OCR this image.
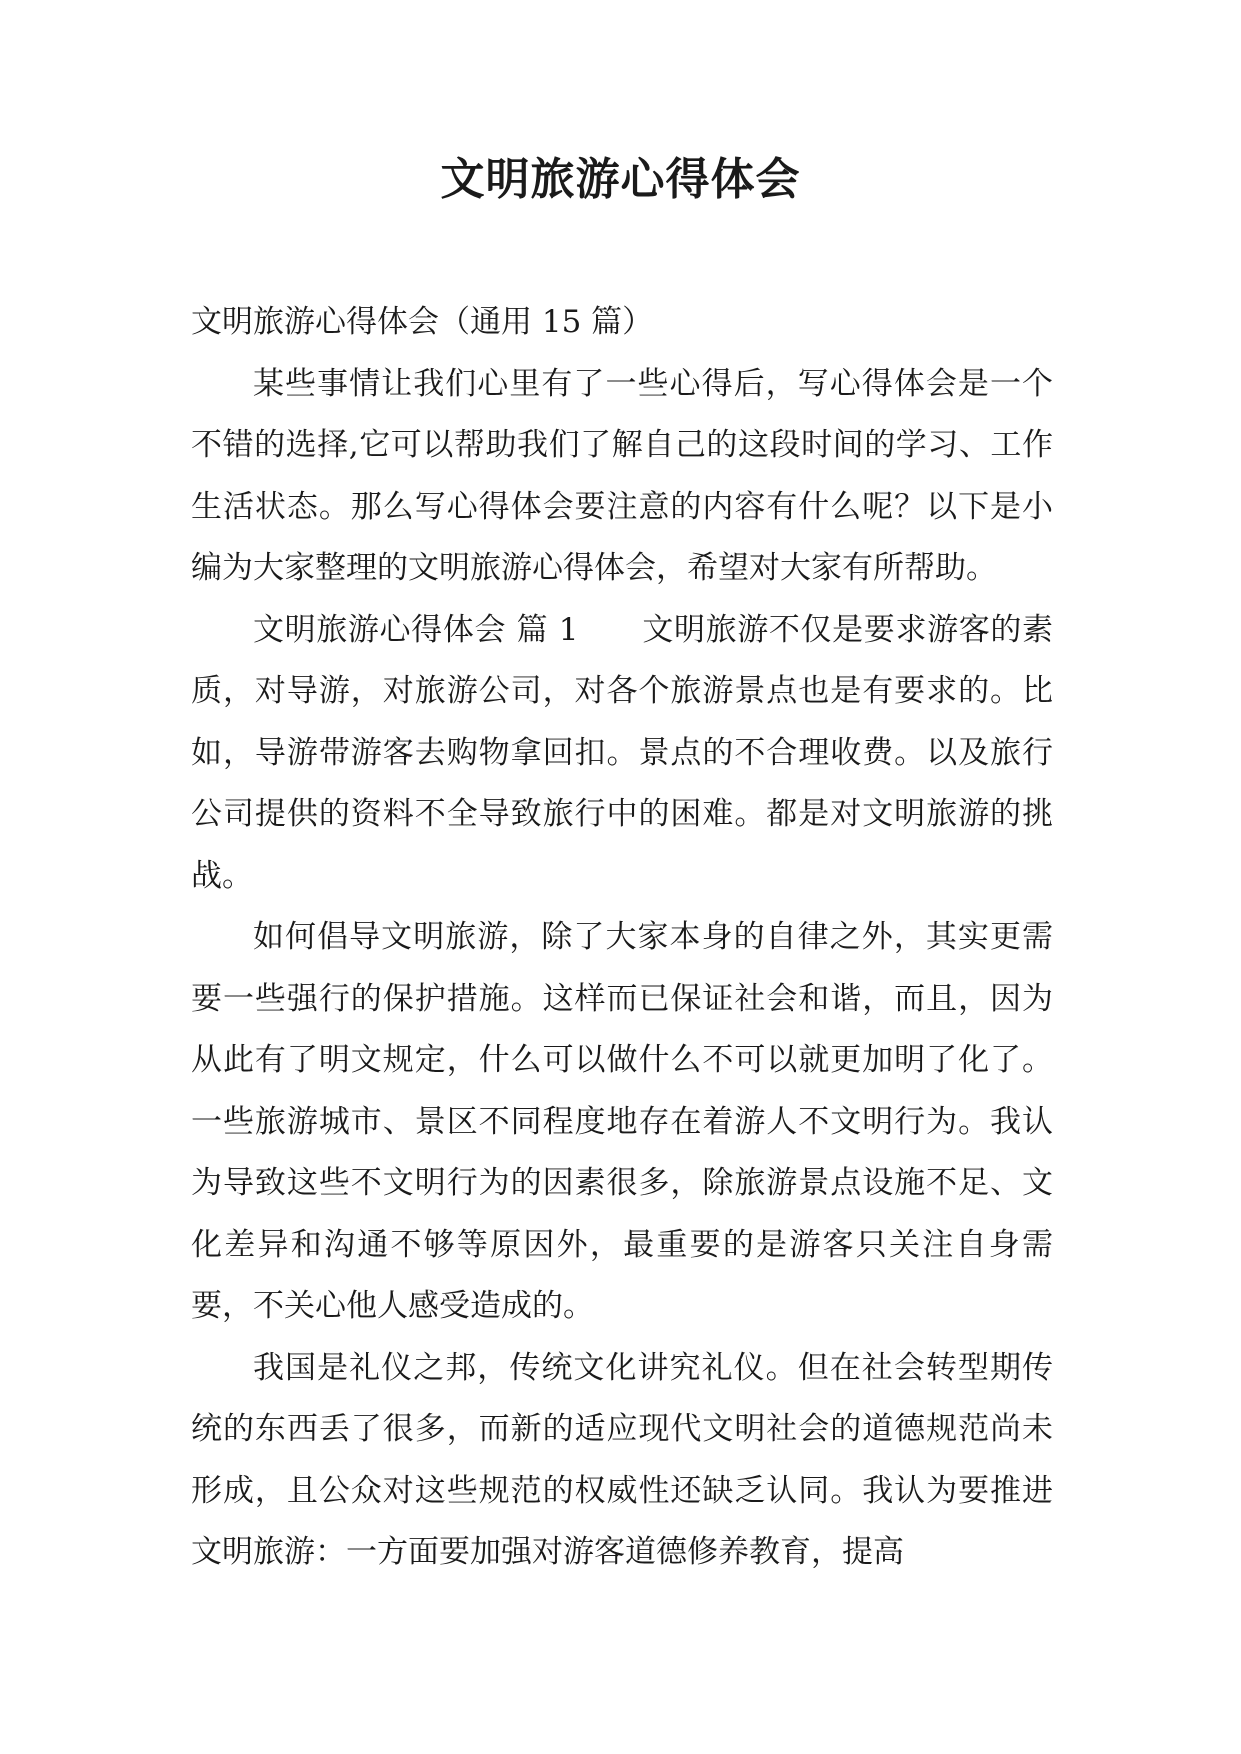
文明旅游心得体会

文明旅游心得体会（通用 15 篇）

某些事情让我们心里有了一些心得后，写心得体会是一个不错的选择,它可以帮助我们了解自己的这段时间的学习、工作生活状态。那么写心得体会要注意的内容有什么呢？以下是小编为大家整理的文明旅游心得体会，希望对大家有所帮助。

文明旅游心得体会 篇 1　　文明旅游不仅是要求游客的素质，对导游，对旅游公司，对各个旅游景点也是有要求的。比如，导游带游客去购物拿回扣。景点的不合理收费。以及旅行公司提供的资料不全导致旅行中的困难。都是对文明旅游的挑战。

如何倡导文明旅游，除了大家本身的自律之外，其实更需要一些强行的保护措施。这样而已保证社会和谐，而且，因为从此有了明文规定，什么可以做什么不可以就更加明了化了。一些旅游城市、景区不同程度地存在着游人不文明行为。我认为导致这些不文明行为的因素很多，除旅游景点设施不足、文化差异和沟通不够等原因外，最重要的是游客只关注自身需要，不关心他人感受造成的。

我国是礼仪之邦，传统文化讲究礼仪。但在社会转型期传统的东西丢了很多，而新的适应现代文明社会的道德规范尚未形成，且公众对这些规范的权威性还缺乏认同。我认为要推进文明旅游：一方面要加强对游客道德修养教育，提高
